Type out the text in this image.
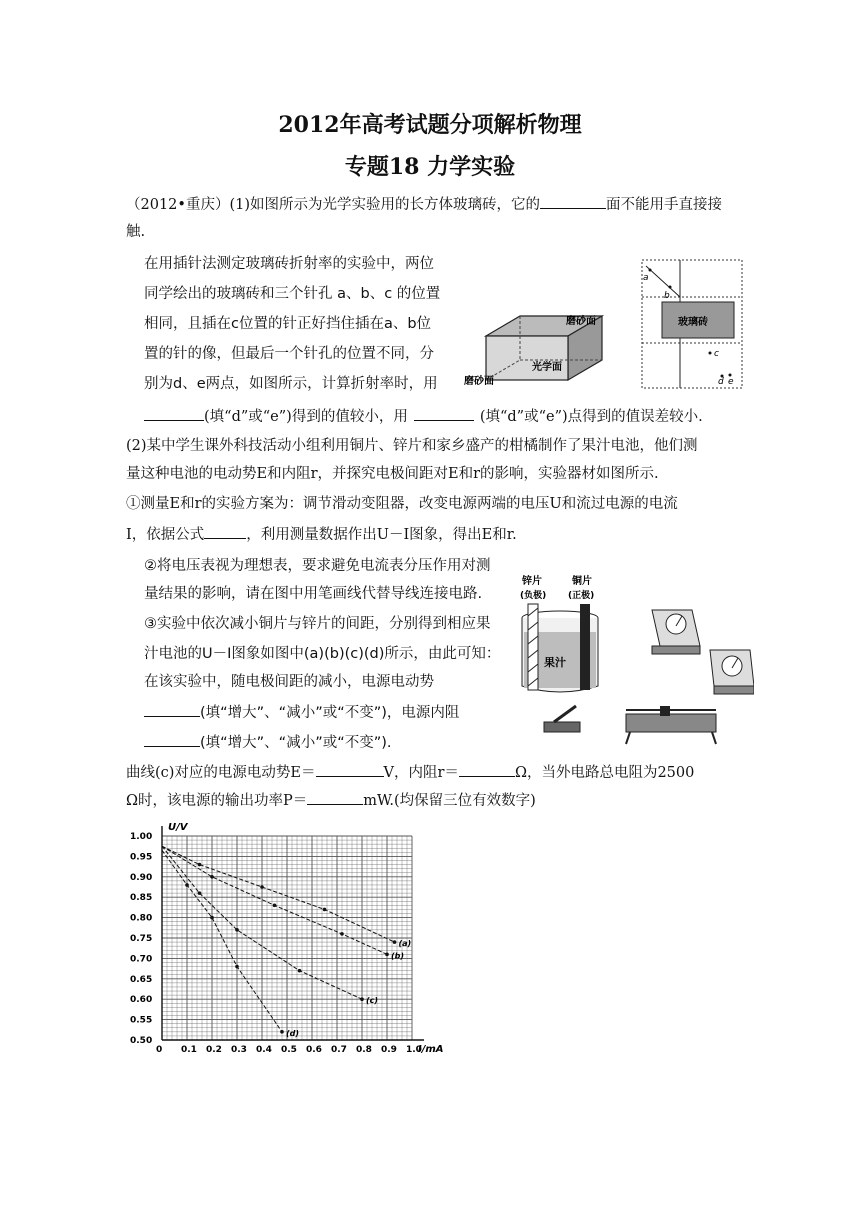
2012年高考试题分项解析物理
专题18 力学实验
（2012•重庆）(1)如图所示为光学实验用的长方体玻璃砖，它的	面不能用手直接接
触.
在用插针法测定玻璃砖折射率的实验中，两位
同学绘出的玻璃砖和三个针孔 a、b、c 的位置
相同，且插在c位置的针正好挡住插在a、b位
置的针的像，但最后一个针孔的位置不同，分
别为d、e两点，如图所示，计算折射率时，用
磨砂面
光学面
磨砂面
玻璃砖
a
b
c
d e
(填“d”或“e”)得到的值较小，用	(填“d”或“e”)点得到的值误差较小.
(2)某中学生课外科技活动小组利用铜片、锌片和家乡盛产的柑橘制作了果汁电池，他们测
量这种电池的电动势E和内阻r，并探究电极间距对E和r的影响，实验器材如图所示.
①测量E和r的实验方案为：调节滑动变阻器，改变电源两端的电压U和流过电源的电流
I，依据公式	，利用测量数据作出U－I图象，得出E和r.
②将电压表视为理想表，要求避免电流表分压作用对测
量结果的影响，请在图中用笔画线代替导线连接电路.
③实验中依次减小铜片与锌片的间距，分别得到相应果
汁电池的U－I图象如图中(a)(b)(c)(d)所示，由此可知：
在该实验中，随电极间距的减小，电源电动势
(填“增大”、“减小”或“不变”)，电源内阻
(填“增大”、“减小”或“不变”).
锌片
(负极)
铜片
(正极)
果汁
曲线(c)对应的电源电动势E＝	V，内阻r＝	Ω，当外电路总电阻为2500
Ω时，该电源的输出功率P＝	mW.(均保留三位有效数字)
0 0.1 0.2 0.3 0.4 0.5 0.6 0.7 0.8 0.9 1.0
0.50
0.55
0.60
0.65
0.70
0.75
0.80
0.85
0.90
0.95
1.00
(a)
(b)
(c)
(d)
U/V
I/mA
